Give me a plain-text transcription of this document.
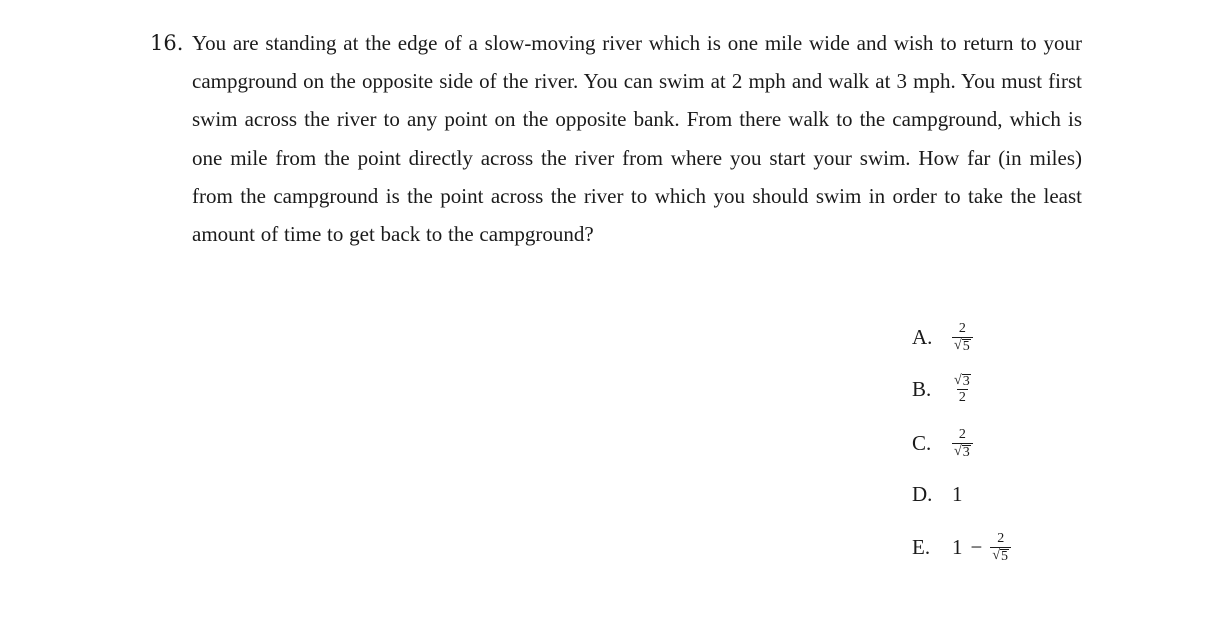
16. You are standing at the edge of a slow-moving river which is one mile wide and wish to return to your campground on the opposite side of the river. You can swim at 2 mph and walk at 3 mph. You must first swim across the river to any point on the opposite bank. From there walk to the campground, which is one mile from the point directly across the river from where you start your swim. How far (in miles) from the campground is the point across the river to which you should swim in order to take the least amount of time to get back to the campground?
A.	$\frac{2}{√ 5}$
B.	$\frac{√ 3}{2}$
C.	$\frac{2}{√ 3}$
D. 1
E.	$1 - \frac{2}{√ 5}$
